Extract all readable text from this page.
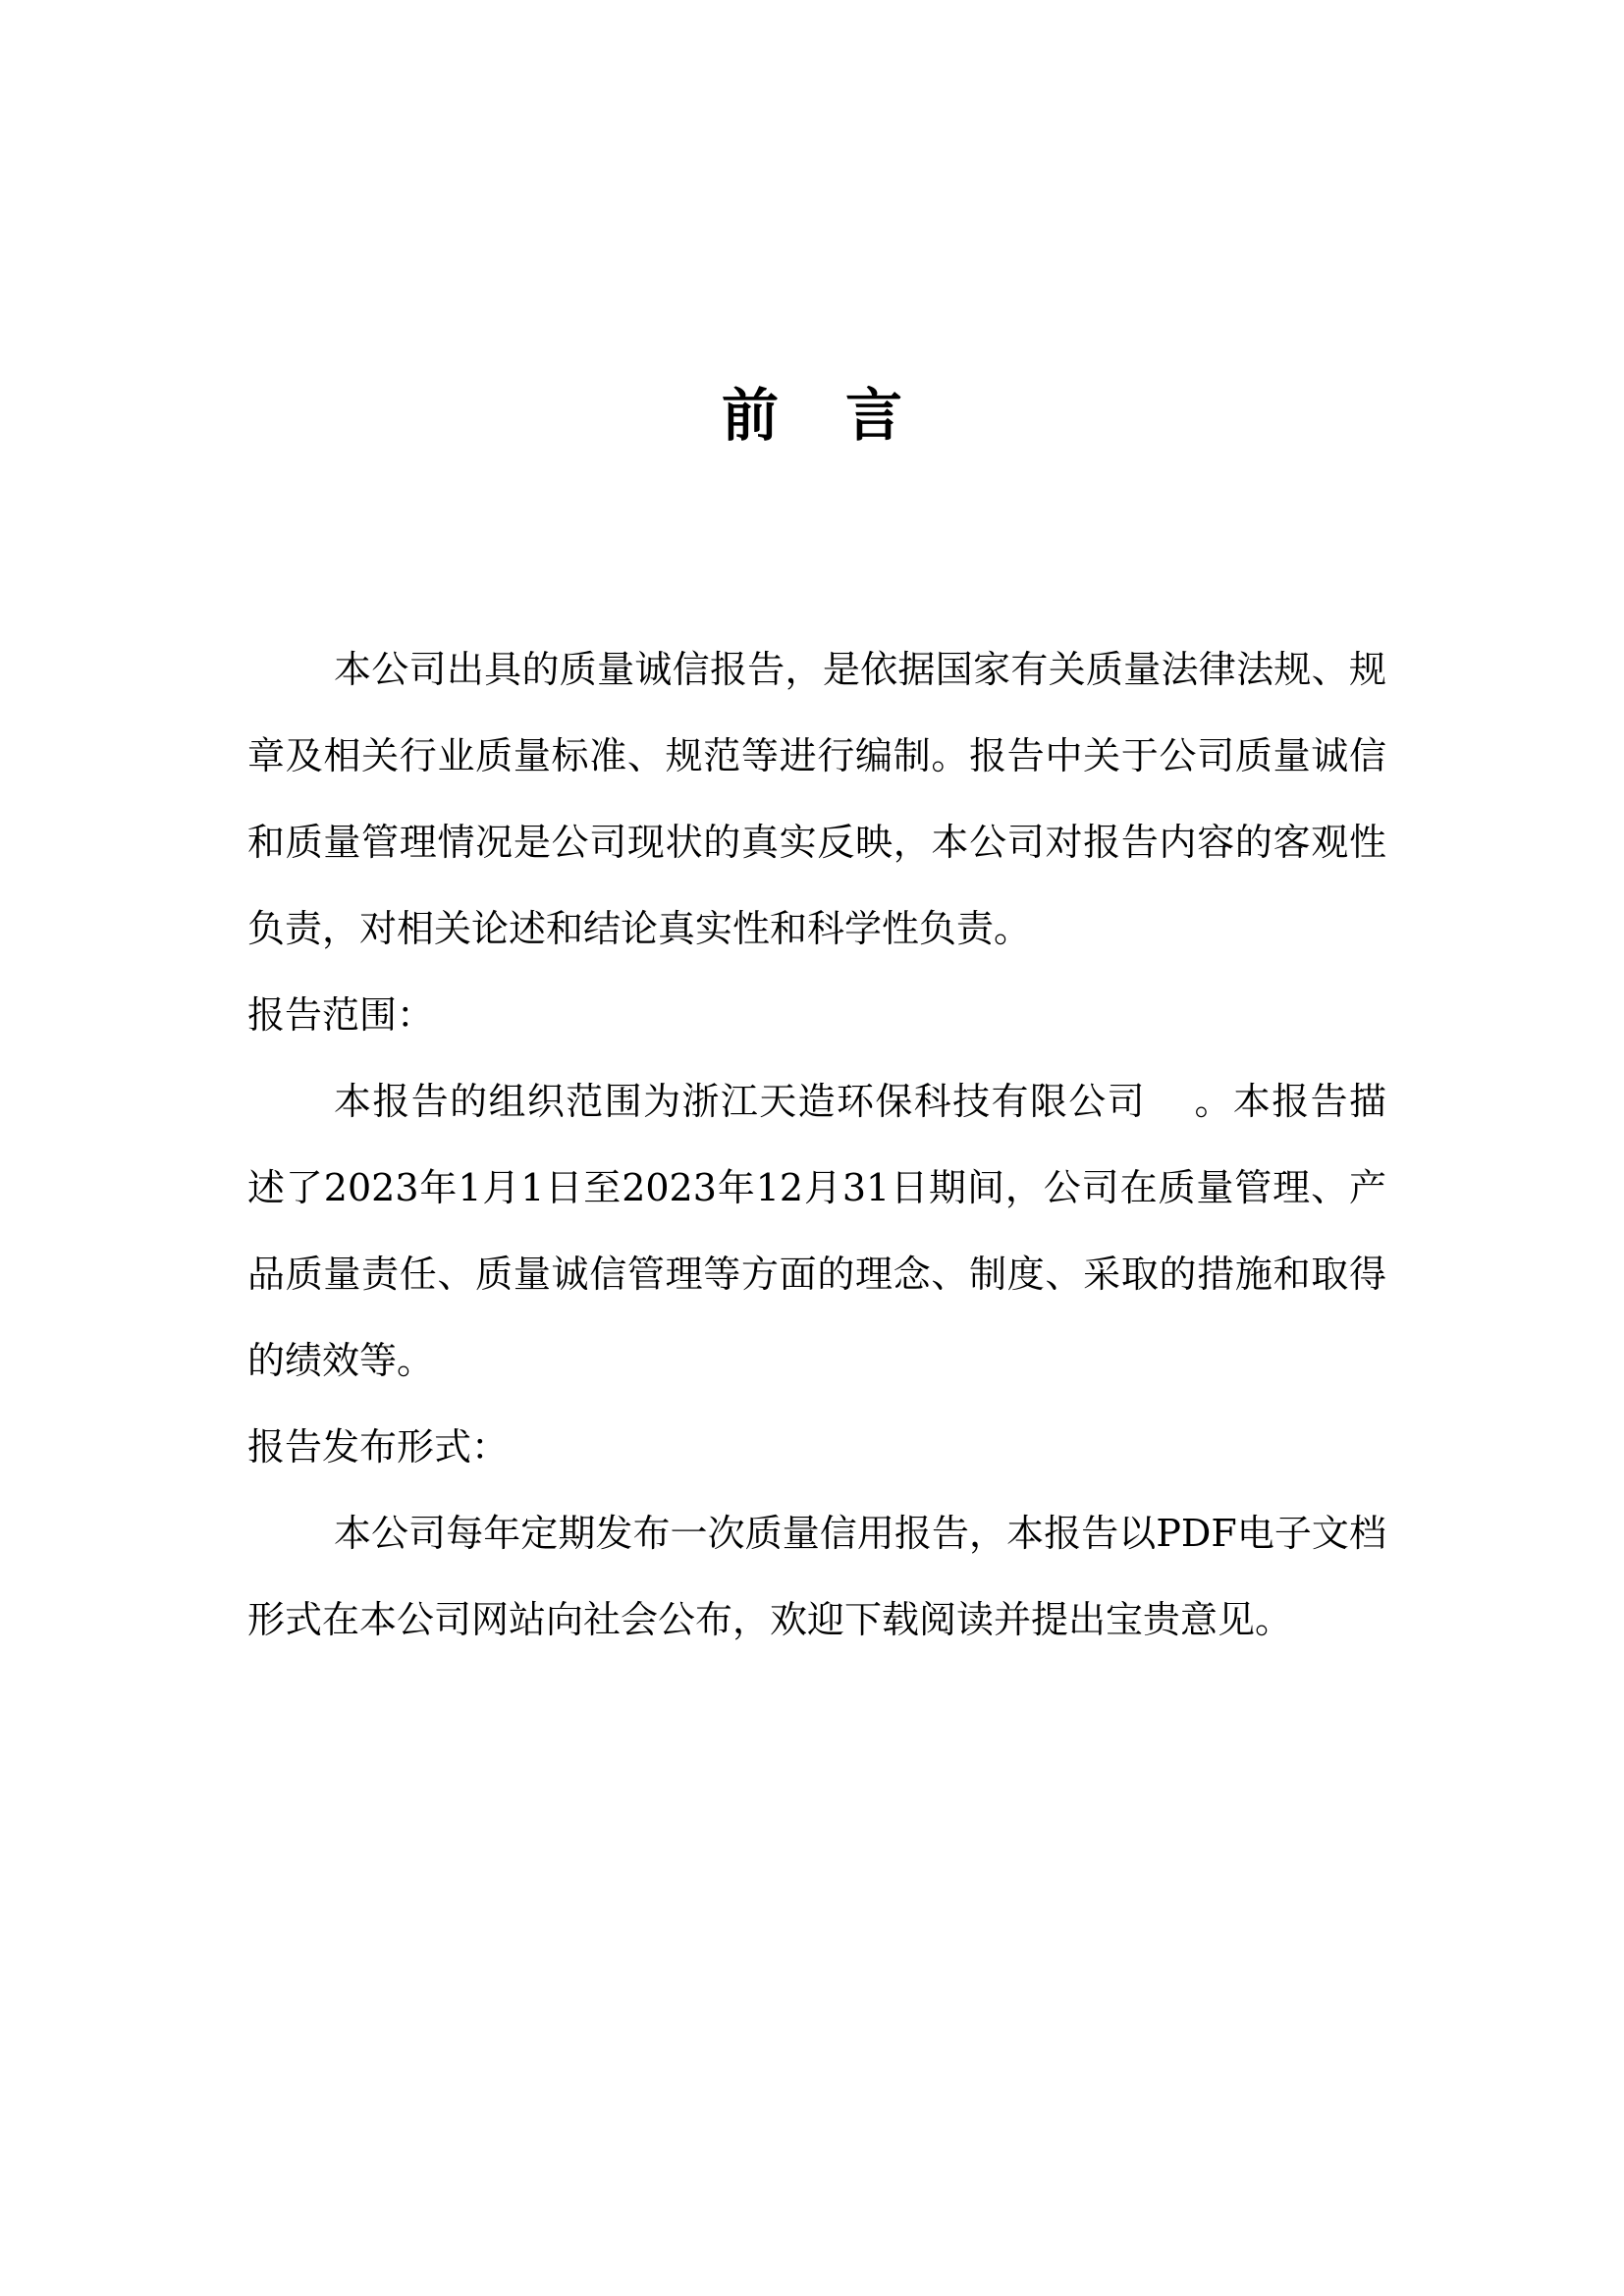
前 言

本公司出具的质量诚信报告，是依据国家有关质量法律法规、规章及相关行业质量标准、规范等进行编制。报告中关于公司质量诚信和质量管理情况是公司现状的真实反映，本公司对报告内容的客观性负责，对相关论述和结论真实性和科学性负责。

报告范围：

本报告的组织范围为浙江天造环保科技有限公司 。本报告描述了2023年1月1日至2023年12月31日期间，公司在质量管理、产品质量责任、质量诚信管理等方面的理念、制度、采取的措施和取得的绩效等。

报告发布形式：

本公司每年定期发布一次质量信用报告，本报告以PDF电子文档形式在本公司网站向社会公布，欢迎下载阅读并提出宝贵意见。
